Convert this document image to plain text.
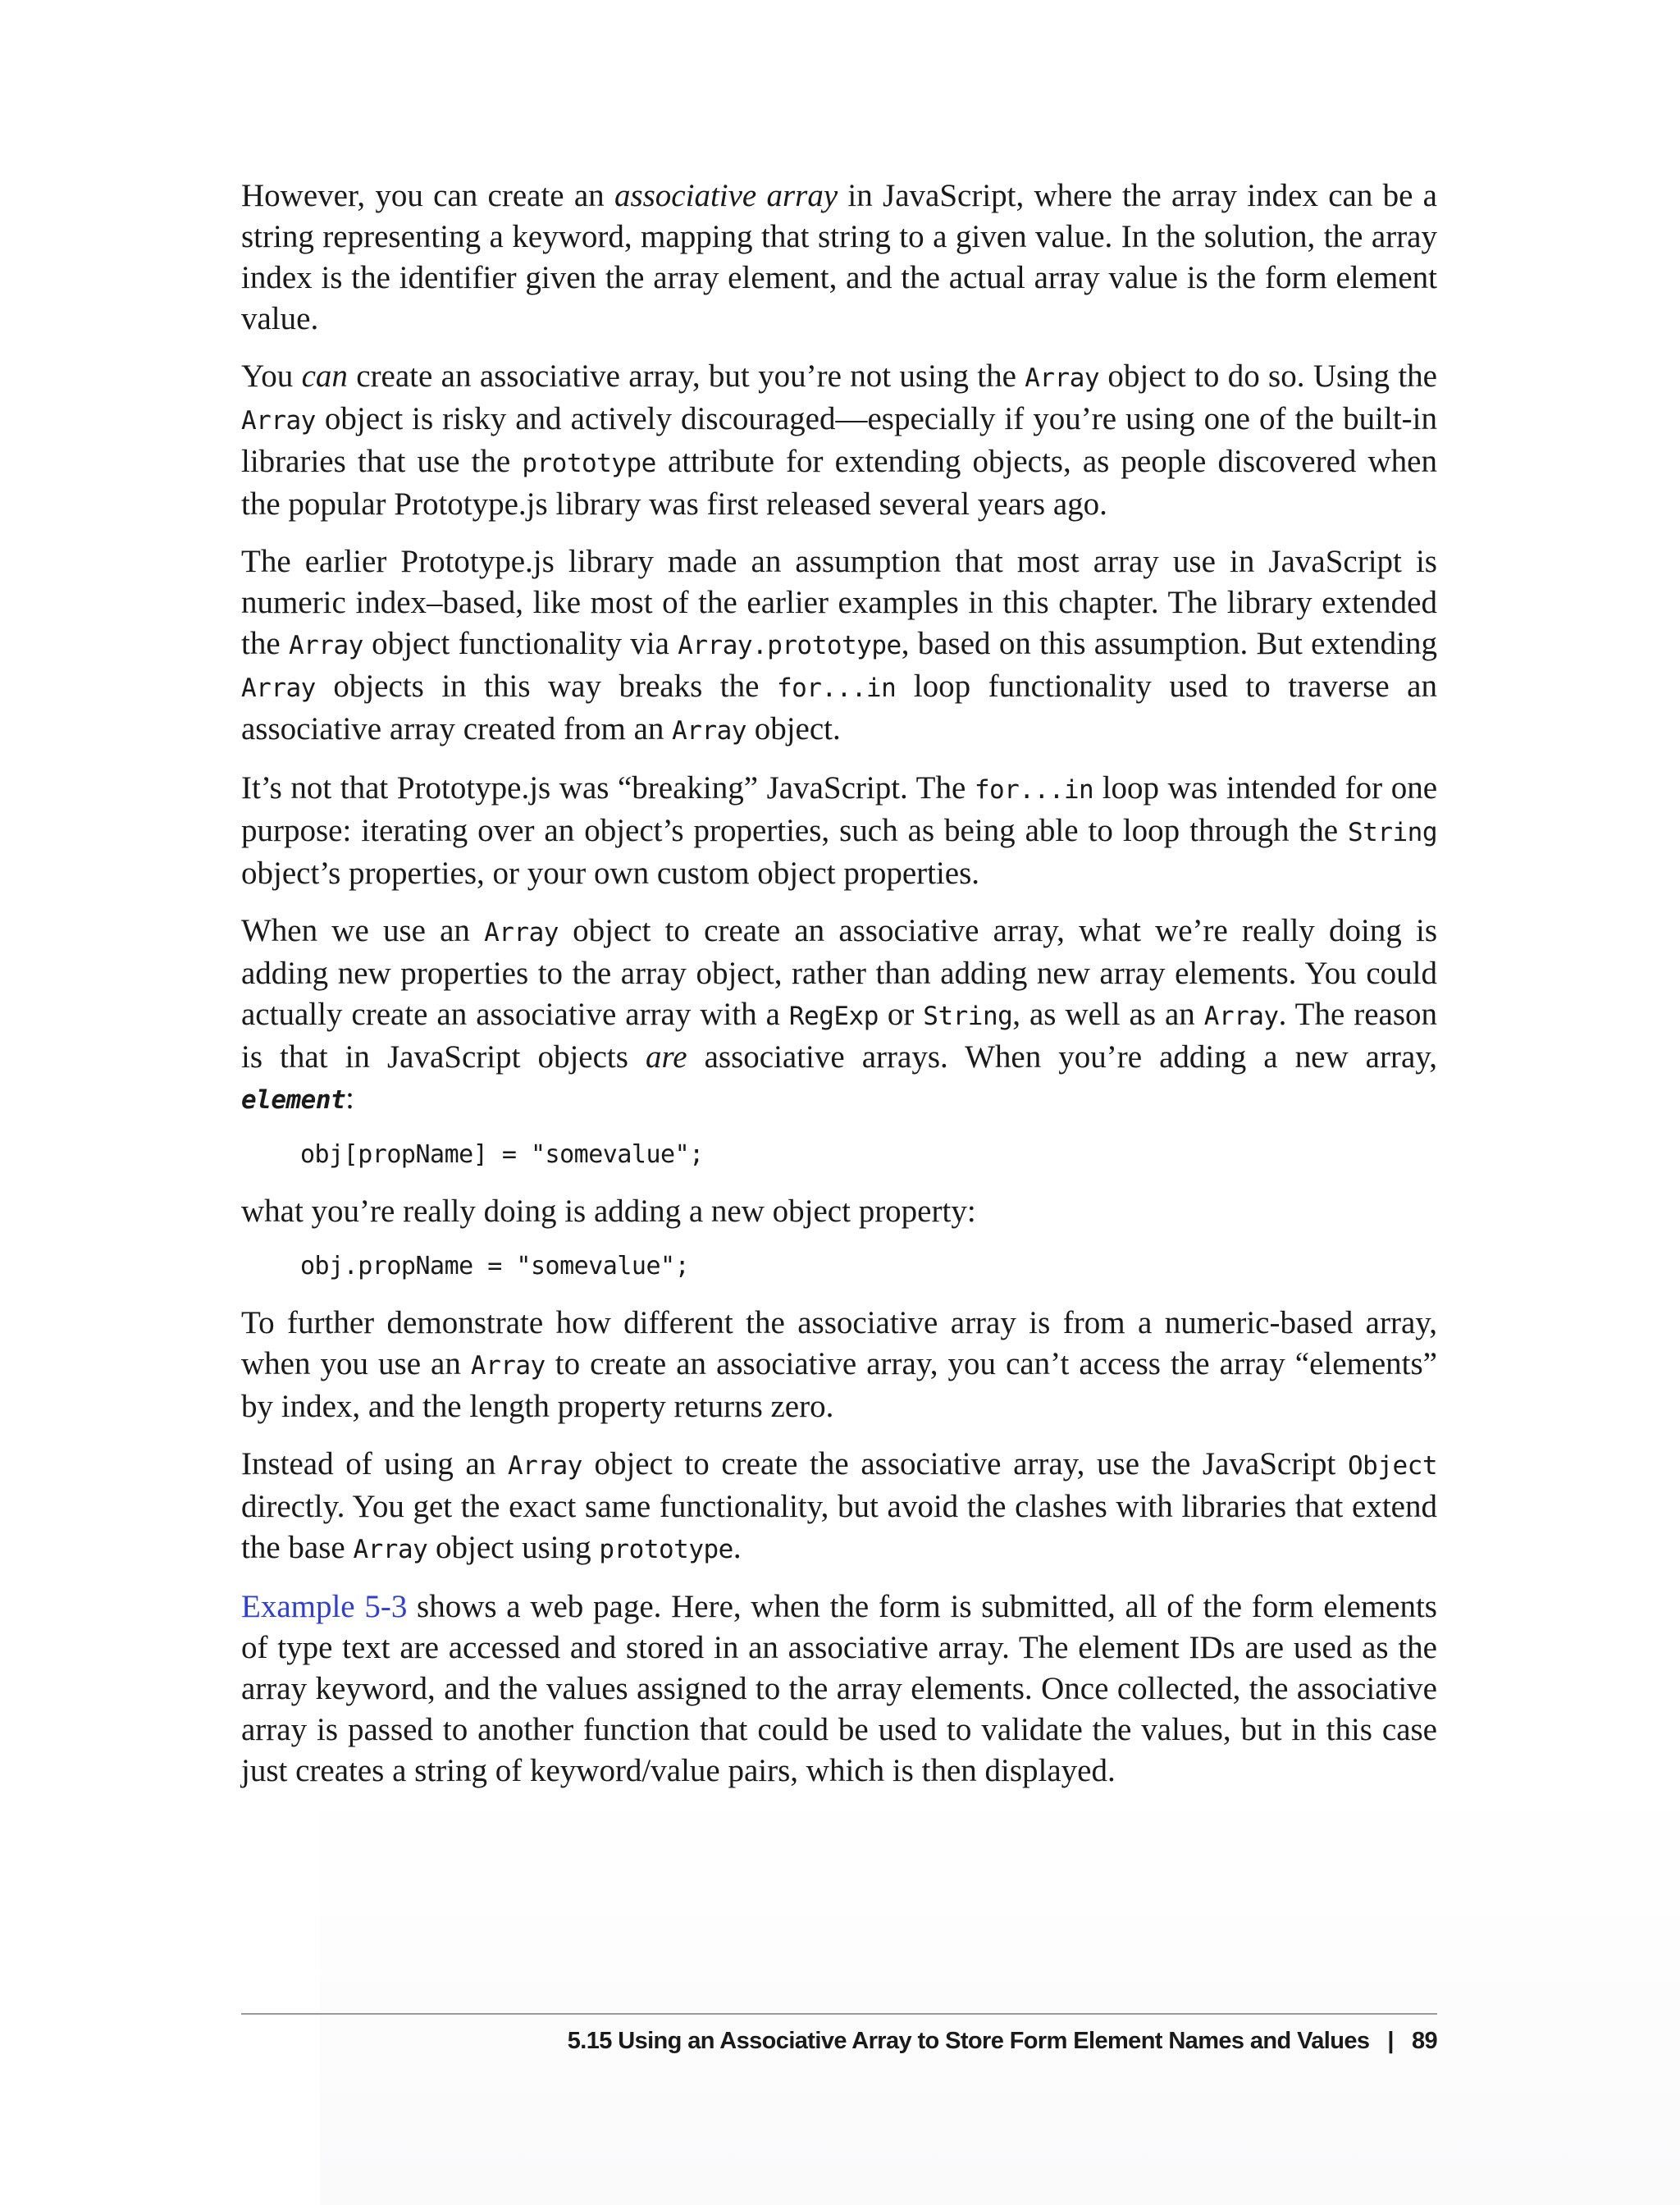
However, you can create an associative array in JavaScript, where the array index can be a string representing a keyword, mapping that string to a given value. In the solution, the array index is the identifier given the array element, and the actual array value is the form element value.

You can create an associative array, but you’re not using the Array object to do so. Using the Array object is risky and actively discouraged—especially if you’re using one of the built-in libraries that use the prototype attribute for extending objects, as people discovered when the popular Prototype.js library was first released several years ago.

The earlier Prototype.js library made an assumption that most array use in JavaScript is numeric index–based, like most of the earlier examples in this chapter. The library extended the Array object functionality via Array.prototype, based on this assumption. But extending Array objects in this way breaks the for...in loop functionality used to traverse an associative array created from an Array object.

It’s not that Prototype.js was “breaking” JavaScript. The for...in loop was intended for one purpose: iterating over an object’s properties, such as being able to loop through the String object’s properties, or your own custom object properties.

When we use an Array object to create an associative array, what we’re really doing is adding new properties to the array object, rather than adding new array elements. You could actually create an associative array with a RegExp or String, as well as an Array. The reason is that in JavaScript objects are associative arrays. When you’re adding a new array, element:

obj[propName] = "somevalue";

what you’re really doing is adding a new object property:

obj.propName = "somevalue";

To further demonstrate how different the associative array is from a numeric-based array, when you use an Array to create an associative array, you can’t access the array “elements” by index, and the length property returns zero.

Instead of using an Array object to create the associative array, use the JavaScript Object directly. You get the exact same functionality, but avoid the clashes with libraries that extend the base Array object using prototype.

Example 5-3 shows a web page. Here, when the form is submitted, all of the form elements of type text are accessed and stored in an associative array. The element IDs are used as the array keyword, and the values assigned to the array elements. Once collected, the associative array is passed to another function that could be used to validate the values, but in this case just creates a string of keyword/value pairs, which is then displayed.

5.15 Using an Associative Array to Store Form Element Names and Values | 89
